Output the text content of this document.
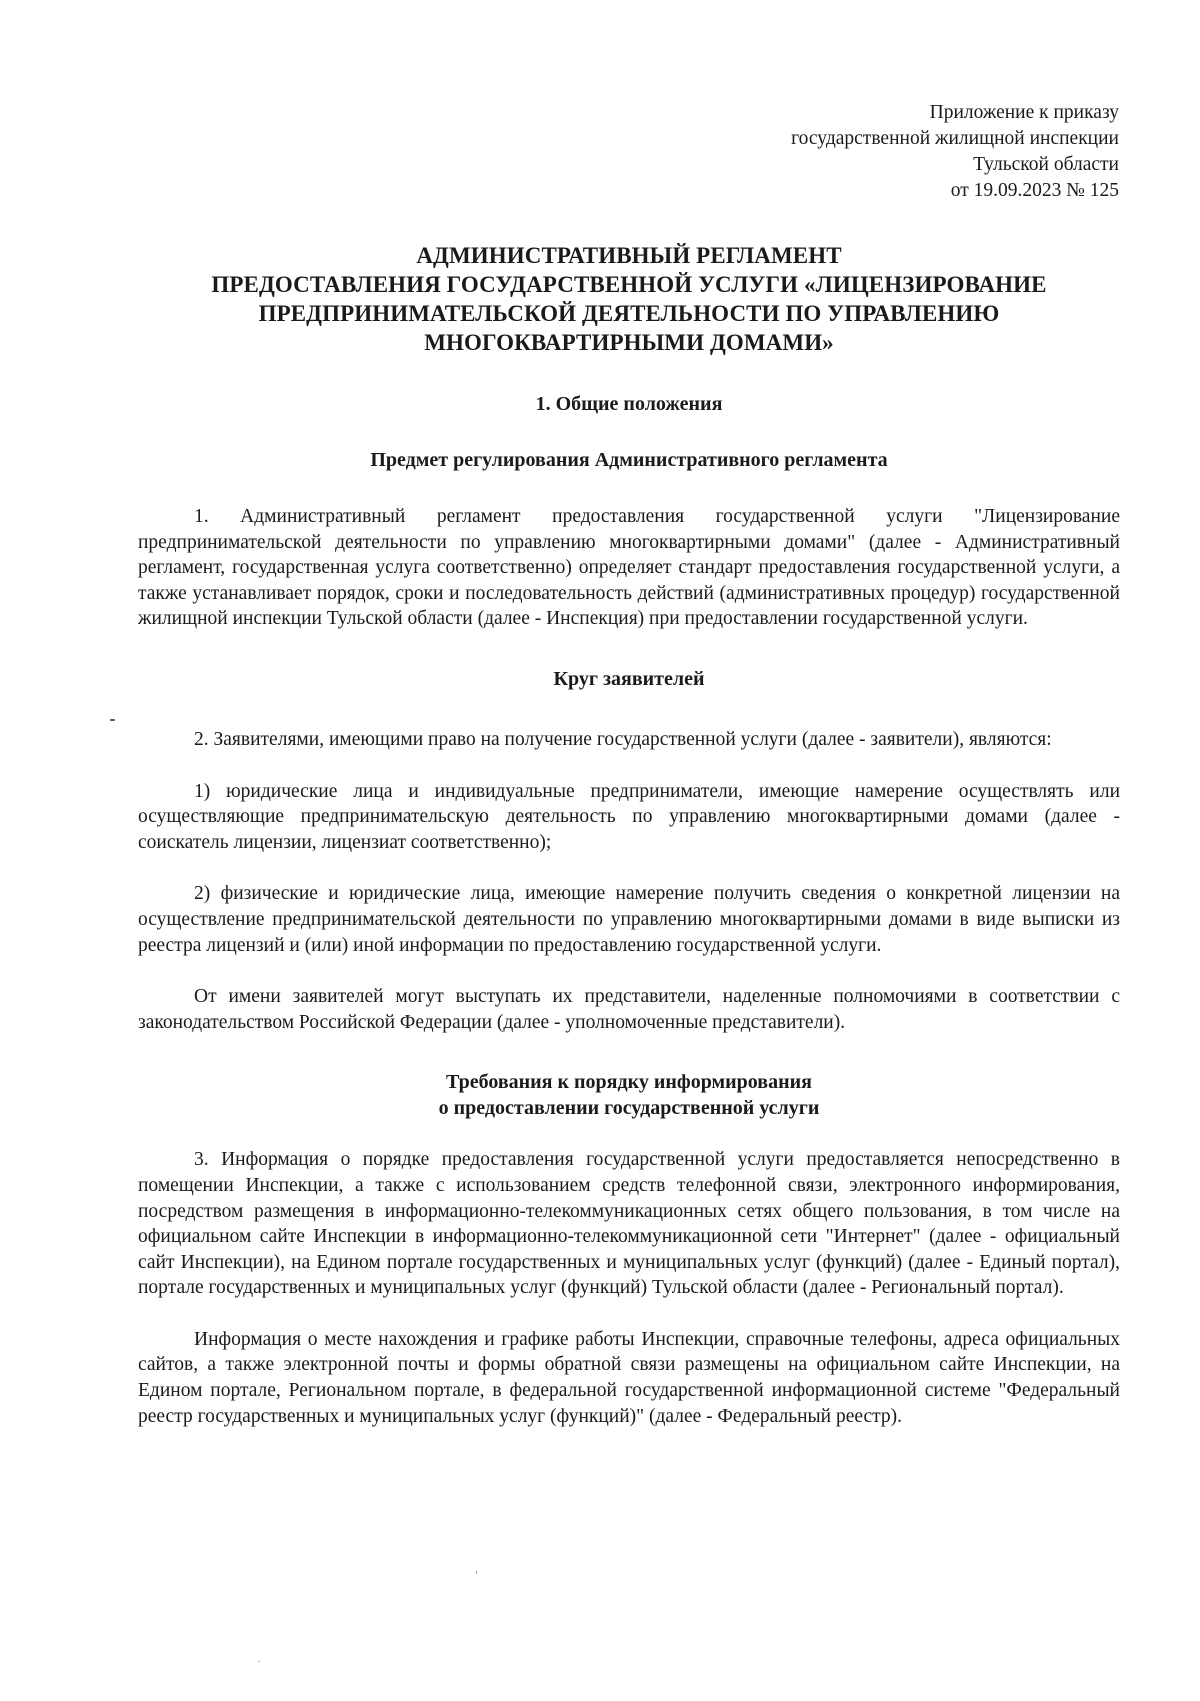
Приложение к приказу
государственной жилищной инспекции
Тульской области
от 19.09.2023 № 125
АДМИНИСТРАТИВНЫЙ РЕГЛАМЕНТ
ПРЕДОСТАВЛЕНИЯ ГОСУДАРСТВЕННОЙ УСЛУГИ «ЛИЦЕНЗИРОВАНИЕ
ПРЕДПРИНИМАТЕЛЬСКОЙ ДЕЯТЕЛЬНОСТИ ПО УПРАВЛЕНИЮ
МНОГОКВАРТИРНЫМИ ДОМАМИ»
1. Общие положения
Предмет регулирования Административного регламента

1. Административный регламент предоставления государственной услуги "Лицензирование предпринимательской деятельности по управлению многоквартирными домами" (далее - Административный регламент, государственная услуга соответственно) определяет стандарт предоставления государственной услуги, а также устанавливает порядок, сроки и последовательность действий (административных процедур) государственной жилищной инспекции Тульской области (далее - Инспекция) при предоставлении государственной услуги.

Круг заявителей

2. Заявителями, имеющими право на получение государственной услуги (далее - заявители), являются:

1) юридические лица и индивидуальные предприниматели, имеющие намерение осуществлять или осуществляющие предпринимательскую деятельность по управлению многоквартирными домами (далее - соискатель лицензии, лицензиат соответственно);

2) физические и юридические лица, имеющие намерение получить сведения о конкретной лицензии на осуществление предпринимательской деятельности по управлению многоквартирными домами в виде выписки из реестра лицензий и (или) иной информации по предоставлению государственной услуги.

От имени заявителей могут выступать их представители, наделенные полномочиями в соответствии с законодательством Российской Федерации (далее - уполномоченные представители).

Требования к порядку информирования
о предоставлении государственной услуги

3. Информация о порядке предоставления государственной услуги предоставляется непосредственно в помещении Инспекции, а также с использованием средств телефонной связи, электронного информирования, посредством размещения в информационно-телекоммуникационных сетях общего пользования, в том числе на официальном сайте Инспекции в информационно-телекоммуникационной сети "Интернет" (далее - официальный сайт Инспекции), на Едином портале государственных и муниципальных услуг (функций) (далее - Единый портал), портале государственных и муниципальных услуг (функций) Тульской области (далее - Региональный портал).

Информация о месте нахождения и графике работы Инспекции, справочные телефоны, адреса официальных сайтов, а также электронной почты и формы обратной связи размещены на официальном сайте Инспекции, на Едином портале, Региональном портале, в федеральной государственной информационной системе "Федеральный реестр государственных и муниципальных услуг (функций)" (далее - Федеральный реестр).
